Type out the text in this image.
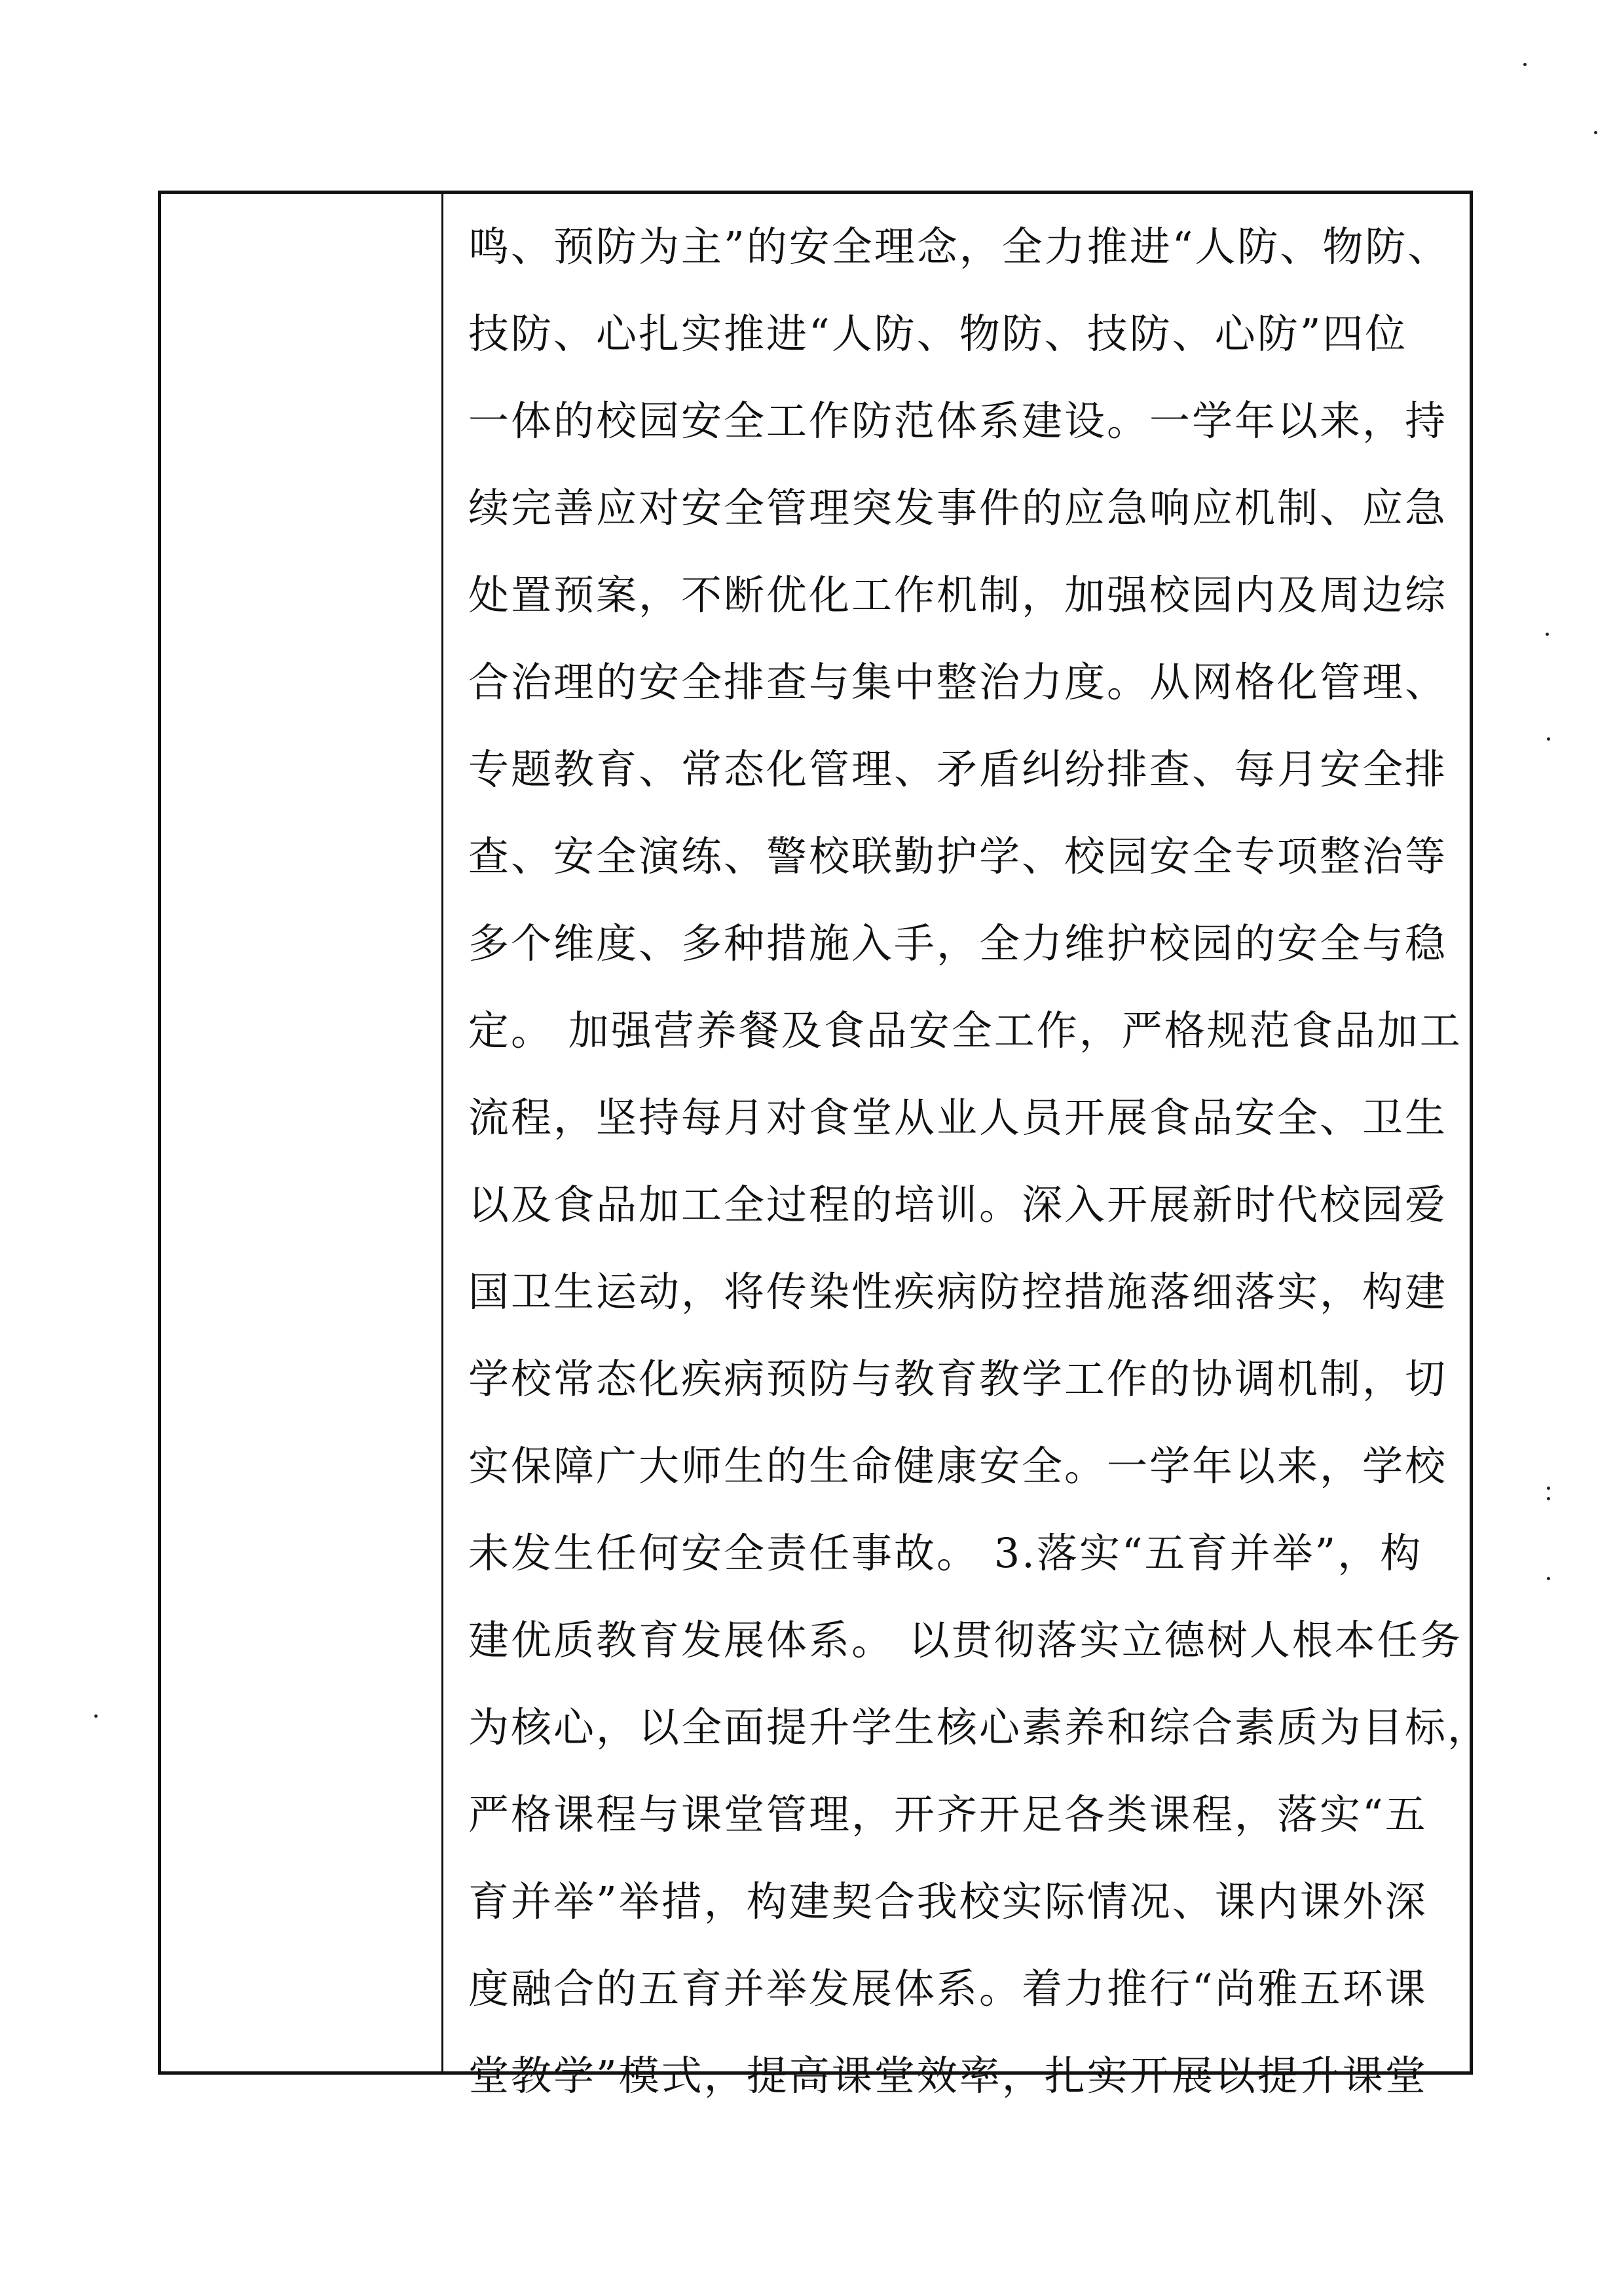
鸣、预防为主”的安全理念，全力推进“人防、物防、
技防、心扎实推进“人防、物防、技防、心防”四位
一体的校园安全工作防范体系建设。一学年以来，持
续完善应对安全管理突发事件的应急响应机制、应急
处置预案，不断优化工作机制，加强校园内及周边综
合治理的安全排查与集中整治力度。从网格化管理、
专题教育、常态化管理、矛盾纠纷排查、每月安全排
查、安全演练、警校联勤护学、校园安全专项整治等
多个维度、多种措施入手，全力维护校园的安全与稳
定。 加强营养餐及食品安全工作，严格规范食品加工
流程，坚持每月对食堂从业人员开展食品安全、卫生
以及食品加工全过程的培训。深入开展新时代校园爱
国卫生运动，将传染性疾病防控措施落细落实，构建
学校常态化疾病预防与教育教学工作的协调机制，切
实保障广大师生的生命健康安全。一学年以来，学校
未发生任何安全责任事故。 3.落实“五育并举”，构
建优质教育发展体系。 以贯彻落实立德树人根本任务
为核心，以全面提升学生核心素养和综合素质为目标，
严格课程与课堂管理，开齐开足各类课程，落实“五
育并举”举措，构建契合我校实际情况、课内课外深
度融合的五育并举发展体系。着力推行“尚雅五环课
堂教学”模式，提高课堂效率，扎实开展以提升课堂
